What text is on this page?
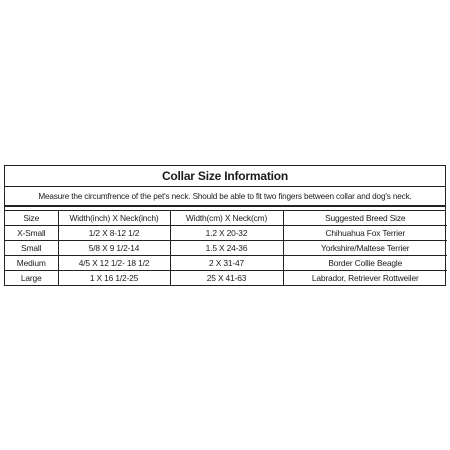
Collar Size Information
Measure the circumfrence of the pet's neck. Should be able to fit two fingers between collar and dog's neck.
Size	Width(inch) X Neck(inch)	Width(cm) X Neck(cm)	Suggested Breed Size
X-Small	1/2 X 8-12 1/2	1.2 X 20-32	Chihuahua Fox Terrier
Small	5/8 X 9 1/2-14	1.5 X 24-36	Yorkshire/Maltese Terrier
Medium	4/5 X 12 1/2- 18 1/2	2 X 31-47	Border Collie Beagle
Large	1 X 16 1/2-25	25 X 41-63	Labrador, Retriever Rottweiler
